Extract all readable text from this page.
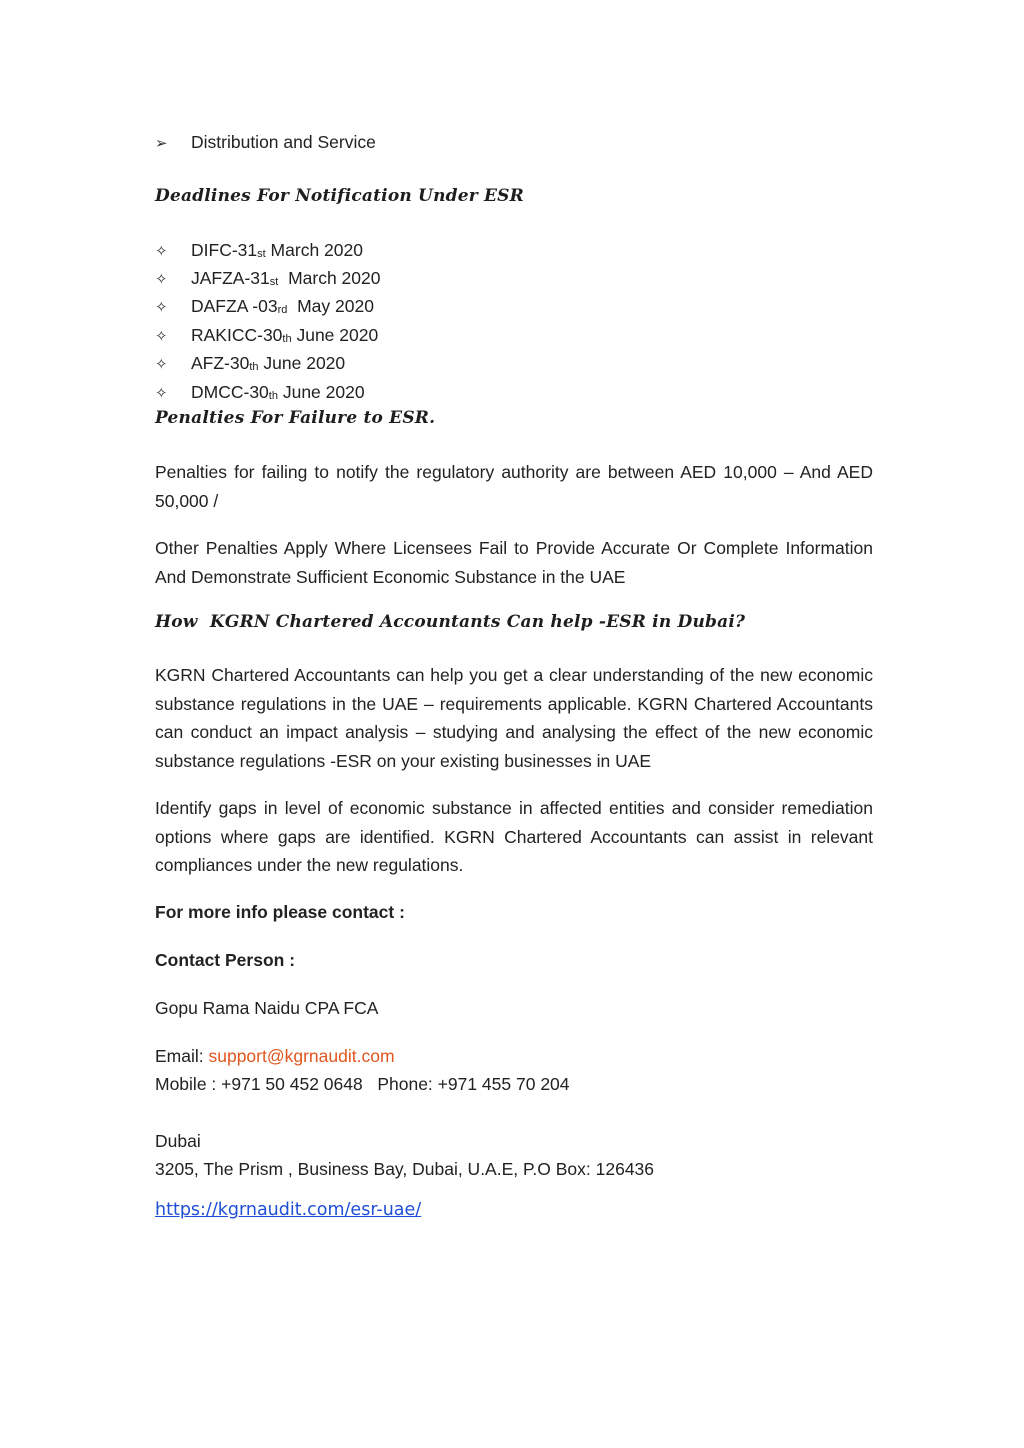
➢ Distribution and Service
Deadlines For Notification Under ESR
✧ DIFC-31st March 2020
✧ JAFZA-31st  March 2020
✧ DAFZA -03rd  May 2020
✧ RAKICC-30th June 2020
✧ AFZ-30th June 2020
✧ DMCC-30th June 2020
Penalties For Failure to ESR.
Penalties for failing to notify the regulatory authority are between AED 10,000 – And AED 50,000 /
Other Penalties Apply Where Licensees Fail to Provide Accurate Or Complete Information And Demonstrate Sufficient Economic Substance in the UAE
How  KGRN Chartered Accountants Can help -ESR in Dubai?
KGRN Chartered Accountants can help you get a clear understanding of the new economic substance regulations in the UAE – requirements applicable. KGRN Chartered Accountants can conduct an impact analysis – studying and analysing the effect of the new economic substance regulations -ESR on your existing businesses in UAE
Identify gaps in level of economic substance in affected entities and consider remediation options where gaps are identified. KGRN Chartered Accountants can assist in relevant compliances under the new regulations.
For more info please contact :
Contact Person :
Gopu Rama Naidu CPA FCA
Email: support@kgrnaudit.com
Mobile : +971 50 452 0648   Phone: +971 455 70 204
Dubai
3205, The Prism , Business Bay, Dubai, U.A.E, P.O Box: 126436
https://kgrnaudit.com/esr-uae/
